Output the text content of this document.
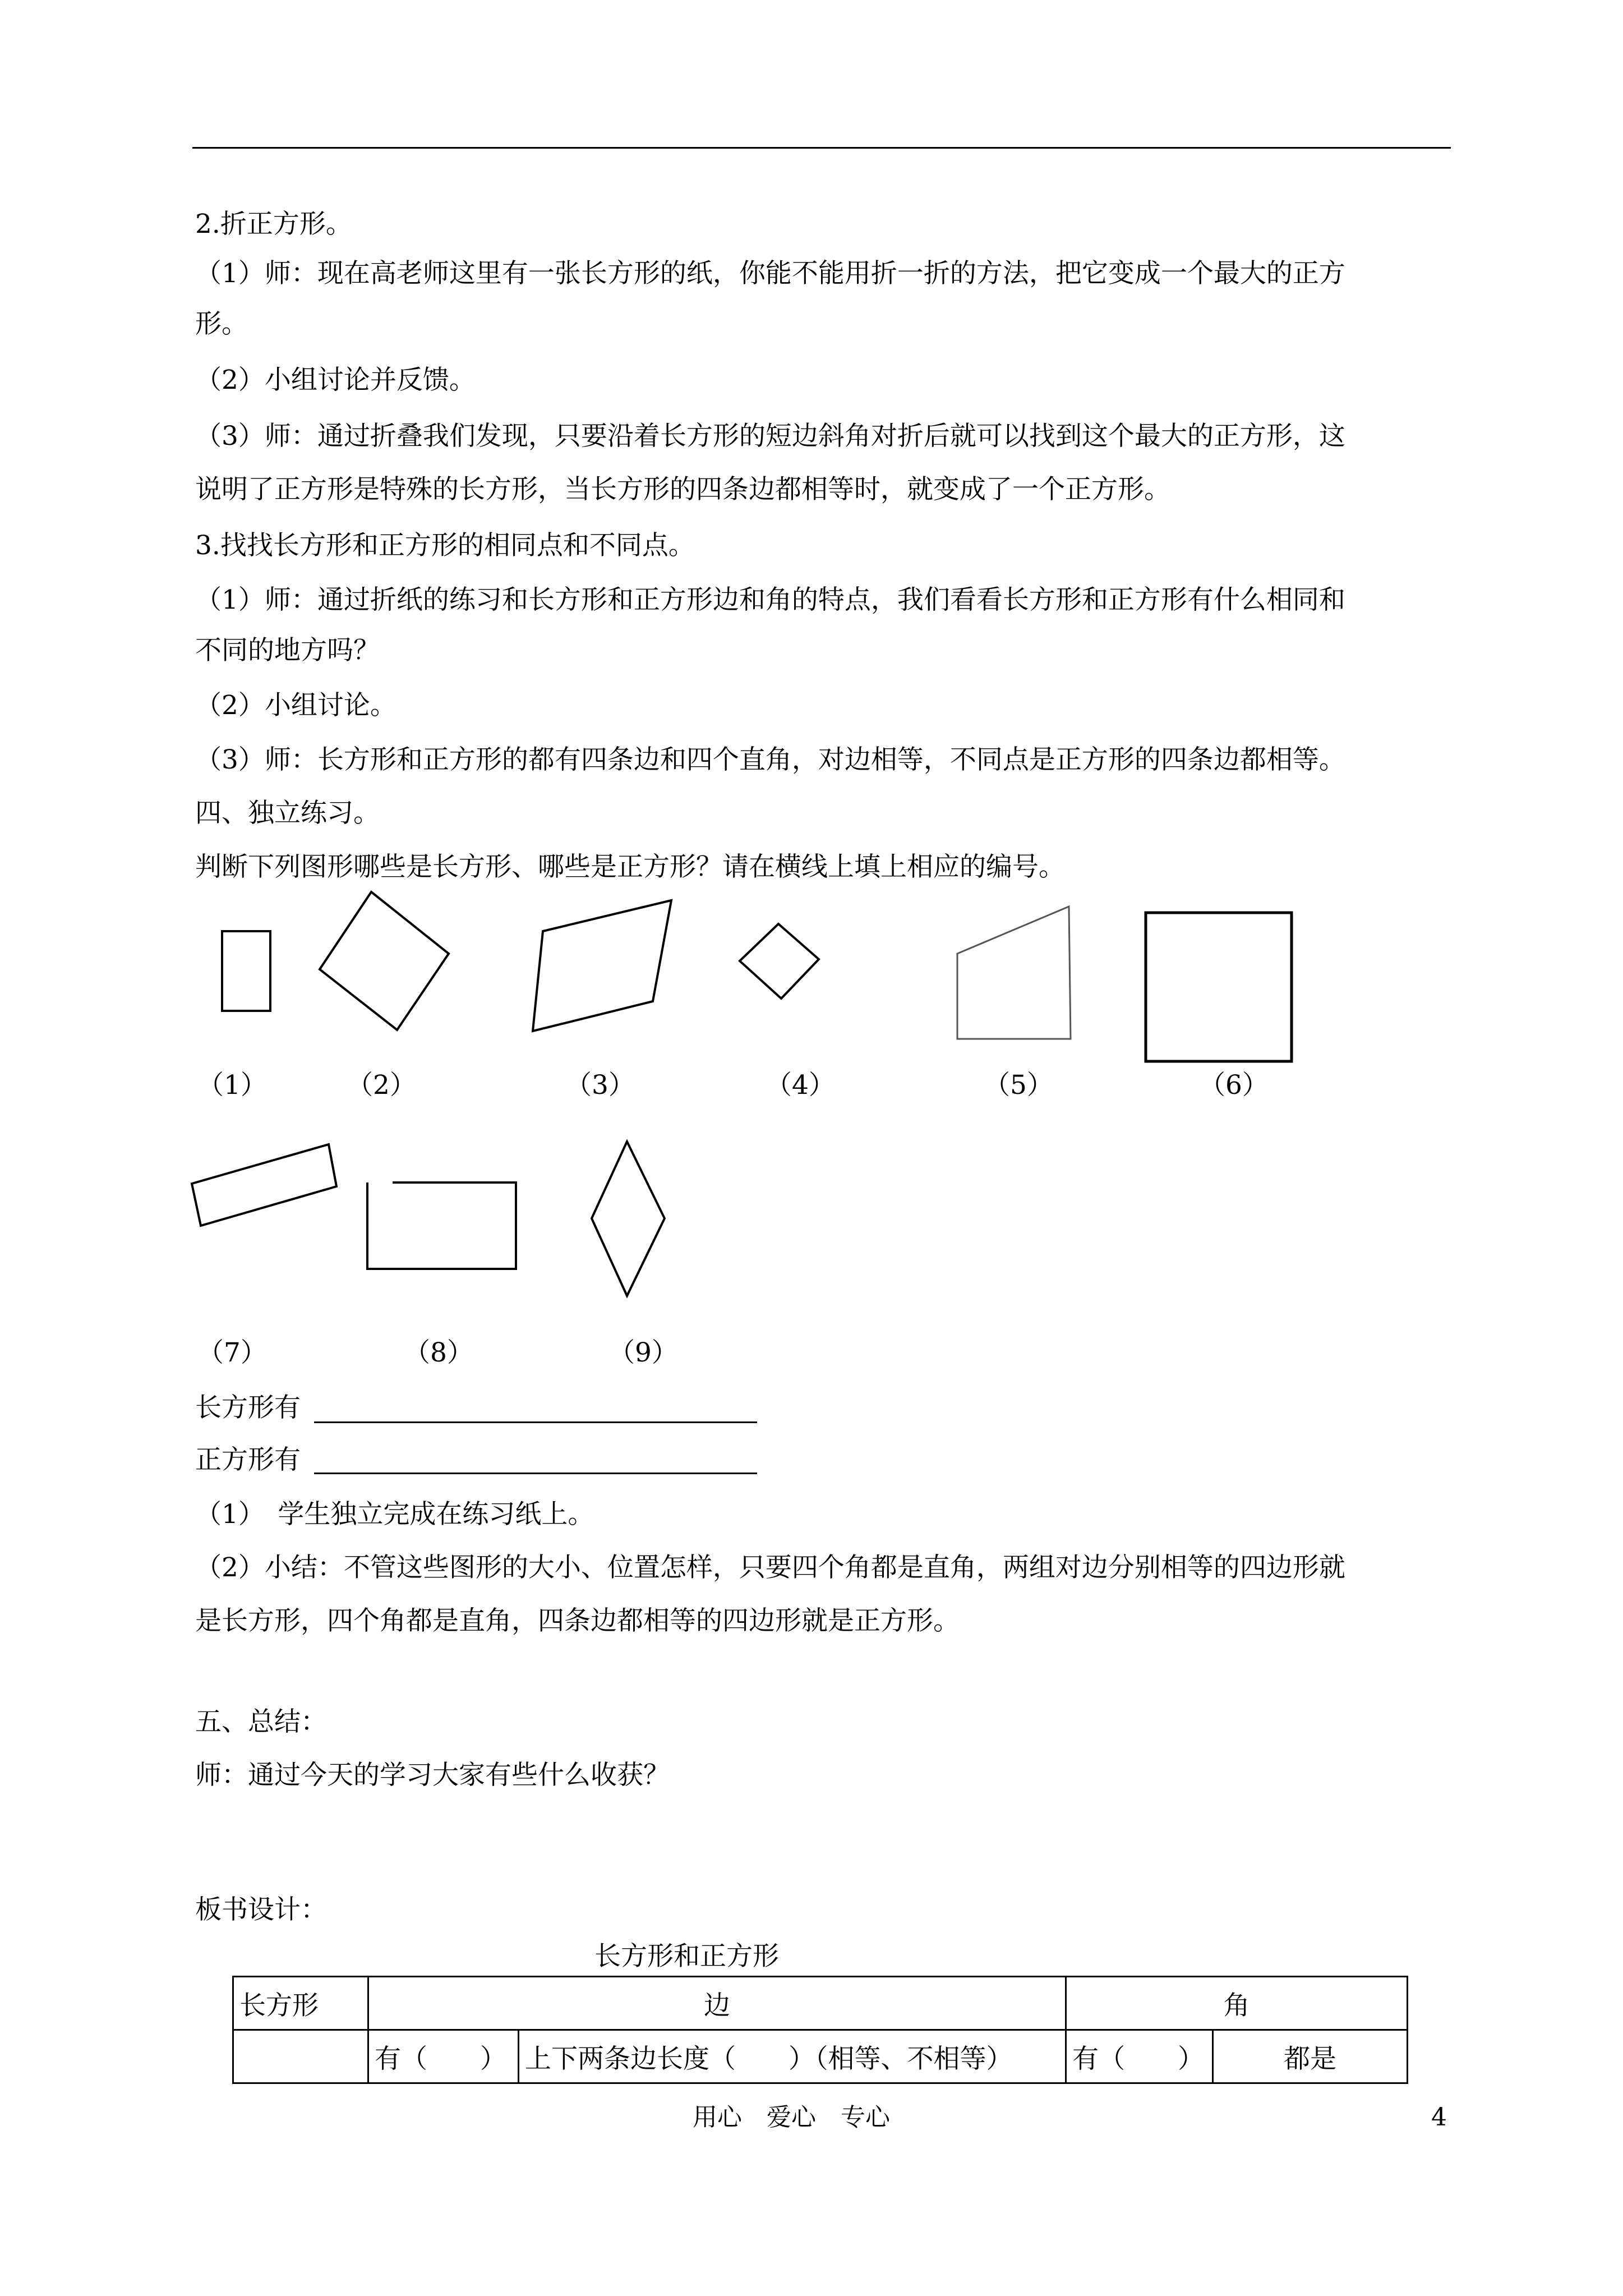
2.折正方形。
（1）师：现在高老师这里有一张长方形的纸，你能不能用折一折的方法，把它变成一个最大的正方
形。
（2）小组讨论并反馈。
（3）师：通过折叠我们发现，只要沿着长方形的短边斜角对折后就可以找到这个最大的正方形，这
说明了正方形是特殊的长方形，当长方形的四条边都相等时，就变成了一个正方形。
3.找找长方形和正方形的相同点和不同点。
（1）师：通过折纸的练习和长方形和正方形边和角的特点，我们看看长方形和正方形有什么相同和
不同的地方吗？
（2）小组讨论。
（3）师：长方形和正方形的都有四条边和四个直角，对边相等，不同点是正方形的四条边都相等。
四、独立练习。
判断下列图形哪些是长方形、哪些是正方形？请在横线上填上相应的编号。
（1）	（2）	（3）	（4）	（5）	（6）
（7）	（8）	（9）
长方形有
正方形有
（1）　学生独立完成在练习纸上。
（2）小结：不管这些图形的大小、位置怎样，只要四个角都是直角，两组对边分别相等的四边形就
是长方形，四个角都是直角，四条边都相等的四边形就是正方形。
五、总结：
师：通过今天的学习大家有些什么收获？
板书设计：
长方形和正方形
长方形	边		角	
	有（　　）	上下两条边长度（　　）（相等、不相等）	有（　　）	都是
用心　爱心　专心	4
